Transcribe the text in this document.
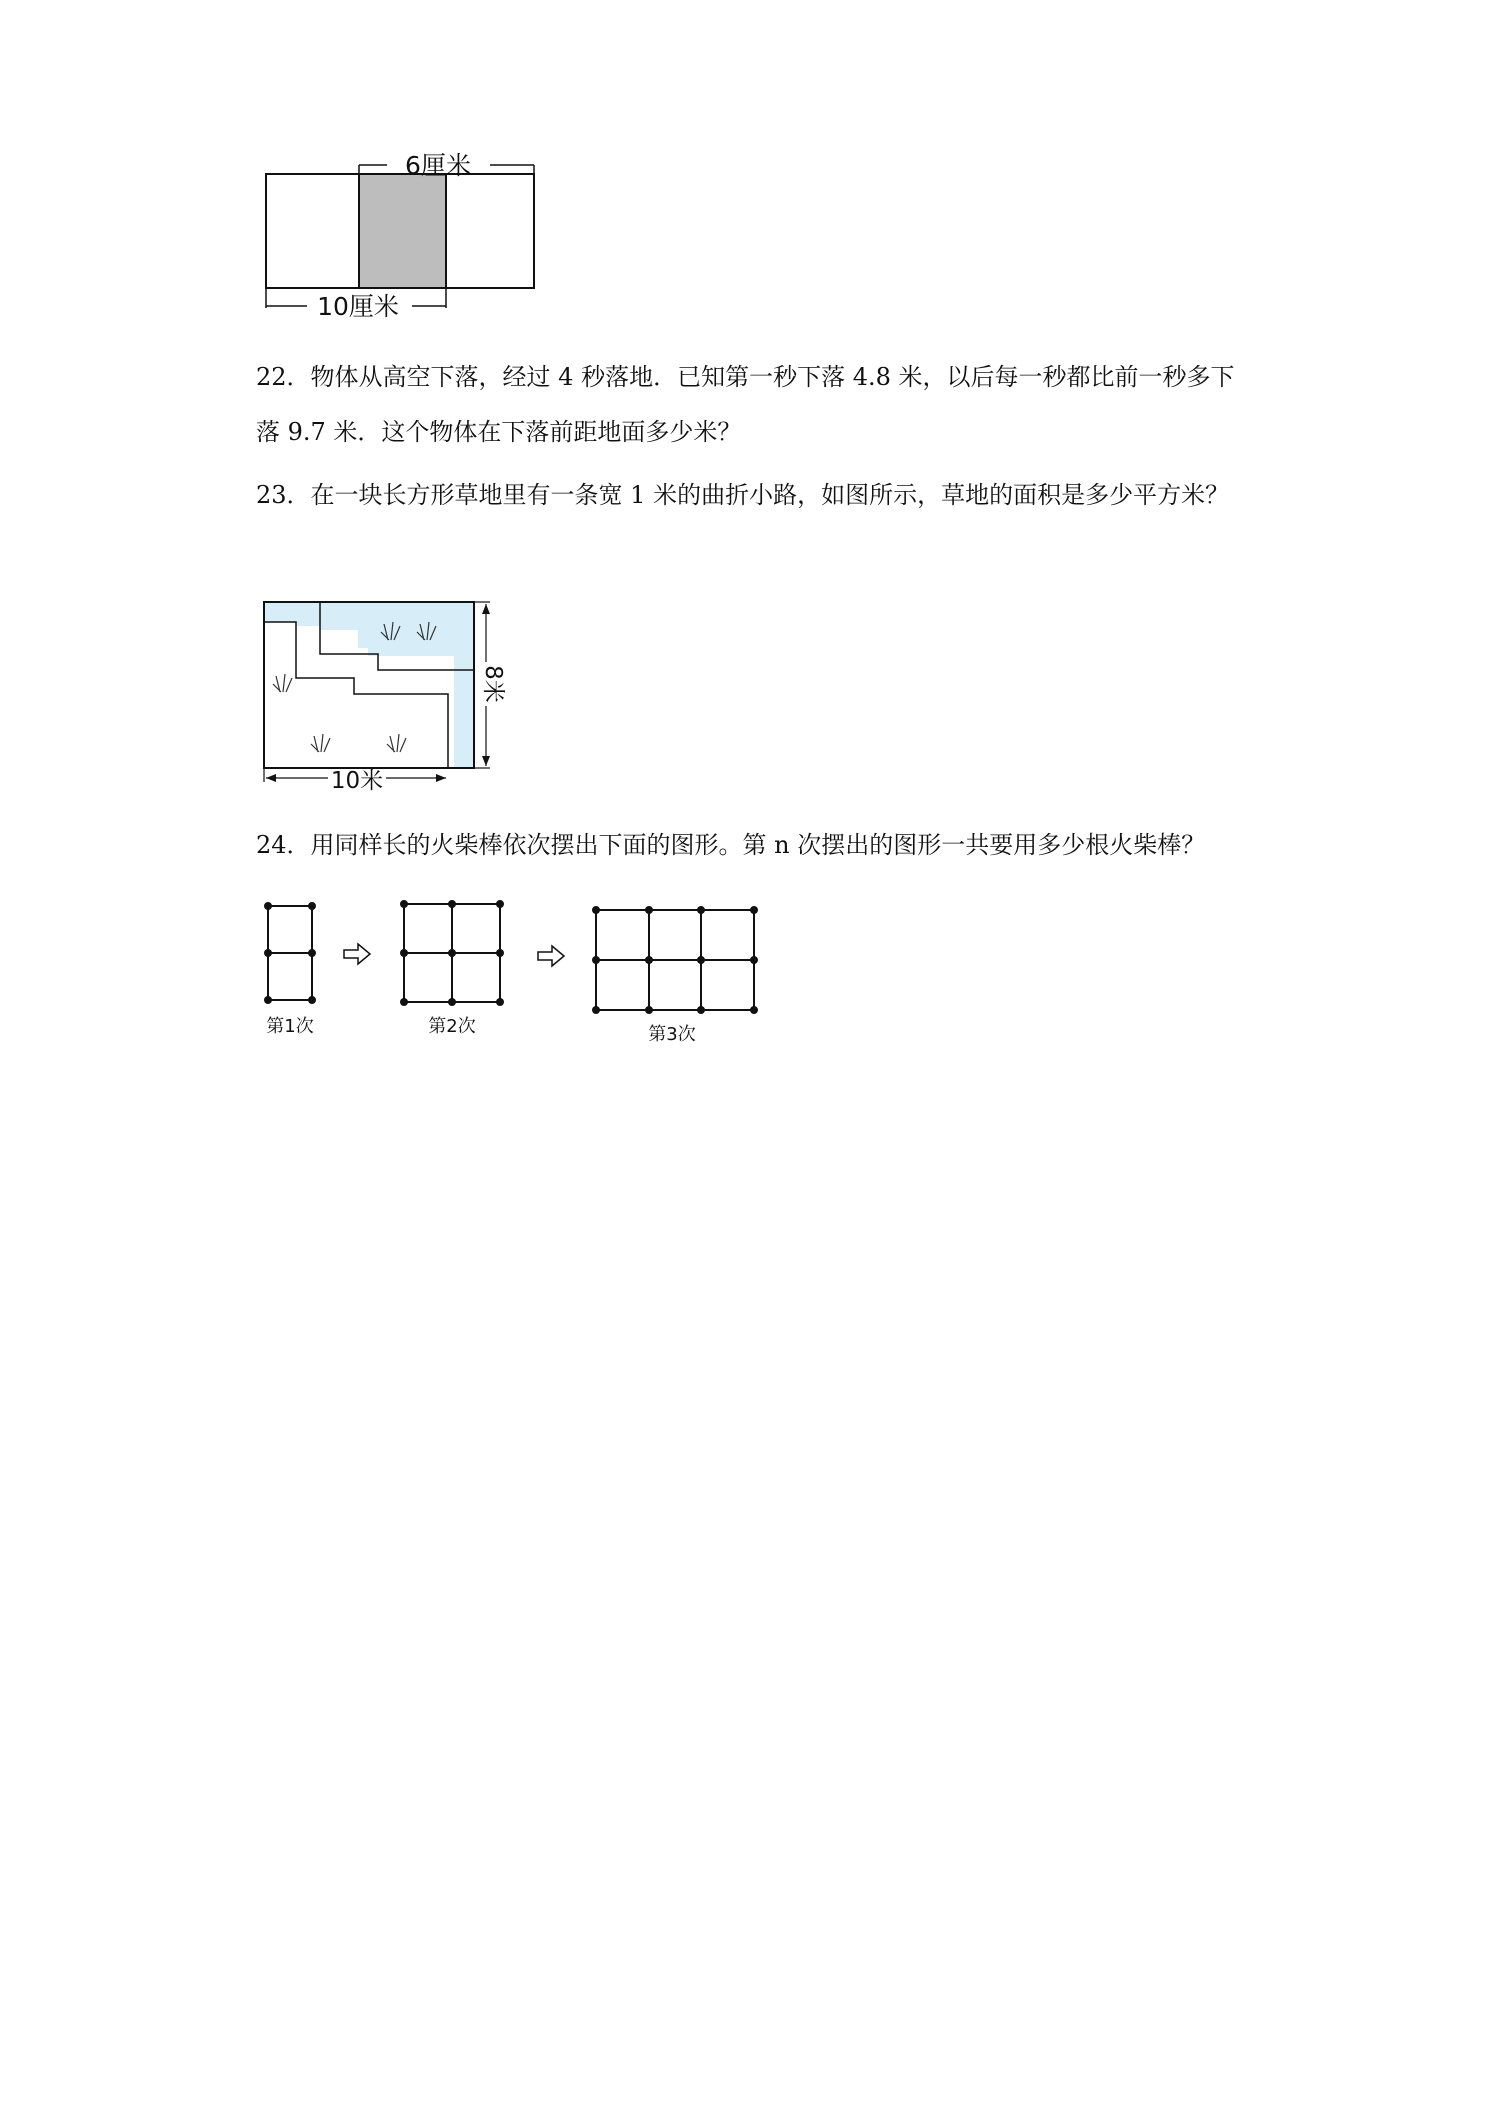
6厘米
10厘米

22．物体从高空下落，经过 4 秒落地．已知第一秒下落 4.8 米，以后每一秒都比前一秒多下落 9.7 米．这个物体在下落前距地面多少米？

23．在一块长方形草地里有一条宽 1 米的曲折小路，如图所示，草地的面积是多少平方米？

8米
10米

24．用同样长的火柴棒依次摆出下面的图形。第 n 次摆出的图形一共要用多少根火柴棒？

第1次	第2次	第3次
